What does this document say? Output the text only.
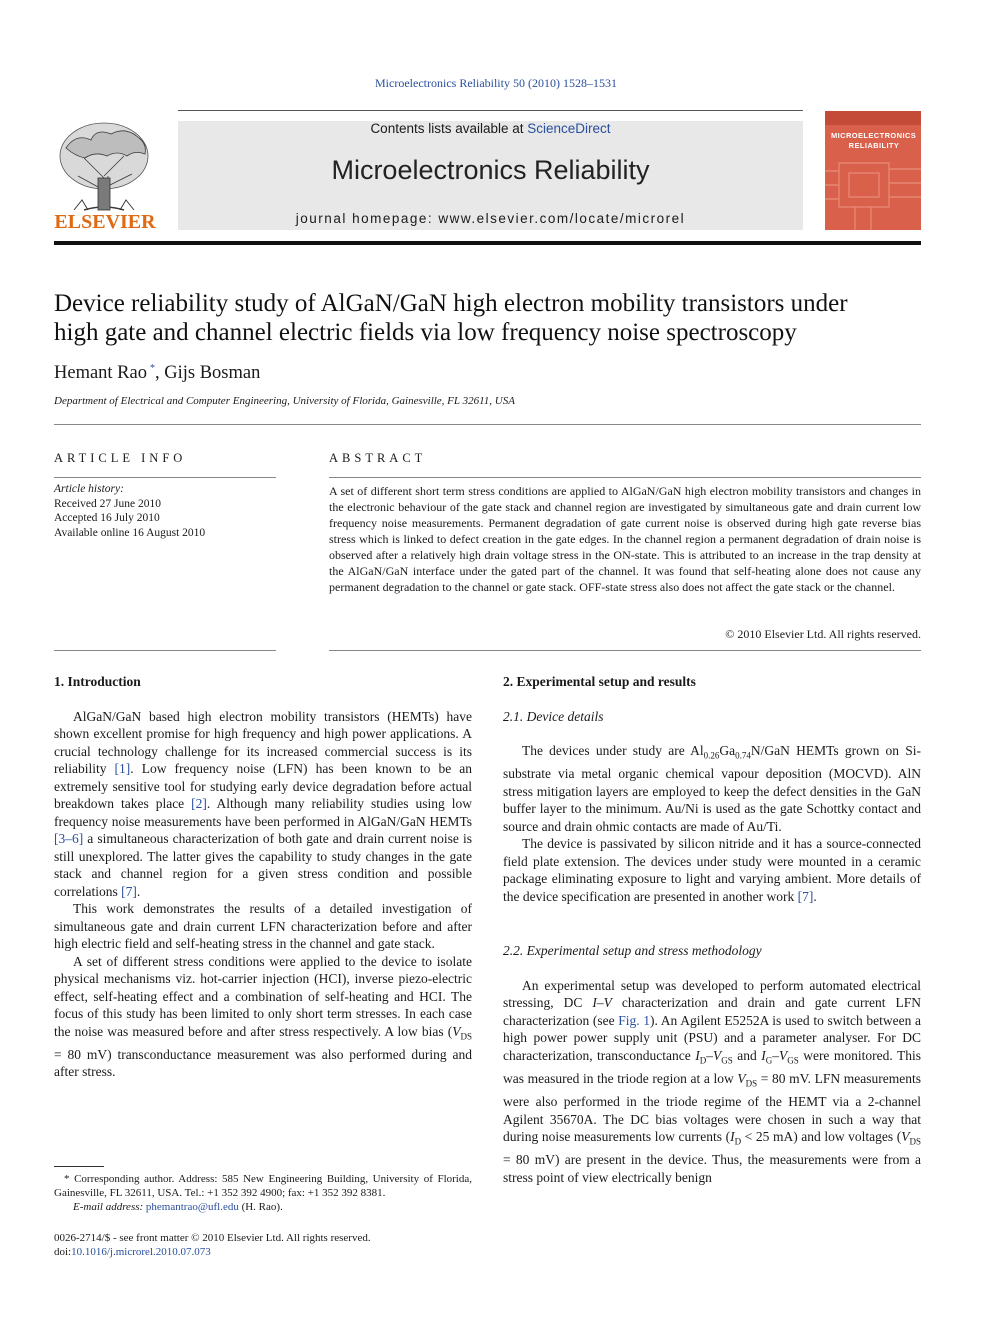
Microelectronics Reliability 50 (2010) 1528–1531
ELSEVIER
Contents lists available at ScienceDirect
Microelectronics Reliability
journal homepage: www.elsevier.com/locate/microrel
MICROELECTRONICS
RELIABILITY
Device reliability study of AlGaN/GaN high electron mobility transistors under
high gate and channel electric fields via low frequency noise spectroscopy
Hemant Rao *, Gijs Bosman
Department of Electrical and Computer Engineering, University of Florida, Gainesville, FL 32611, USA
ARTICLE INFO
Article history:
Received 27 June 2010
Accepted 16 July 2010
Available online 16 August 2010
ABSTRACT
A set of different short term stress conditions are applied to AlGaN/GaN high electron mobility transistors and changes in the electronic behaviour of the gate stack and channel region are investigated by simultaneous gate and drain current low frequency noise measurements. Permanent degradation of gate current noise is observed during high gate reverse bias stress which is linked to defect creation in the gate edges. In the channel region a permanent degradation of drain noise is observed after a relatively high drain voltage stress in the ON-state. This is attributed to an increase in the trap density at the AlGaN/GaN interface under the gated part of the channel. It was found that self-heating alone does not cause any permanent degradation to the channel or gate stack. OFF-state stress also does not affect the gate stack or the channel.
© 2010 Elsevier Ltd. All rights reserved.
1. Introduction

AlGaN/GaN based high electron mobility transistors (HEMTs) have shown excellent promise for high frequency and high power applications. A crucial technology challenge for its increased commercial success is its reliability [1]. Low frequency noise (LFN) has been known to be an extremely sensitive tool for studying early device degradation before actual breakdown takes place [2]. Although many reliability studies using low frequency noise measurements have been performed in AlGaN/GaN HEMTs [3–6] a simultaneous characterization of both gate and drain current noise is still unexplored. The latter gives the capability to study changes in the gate stack and channel region for a given stress condition and possible correlations [7].

This work demonstrates the results of a detailed investigation of simultaneous gate and drain current LFN characterization before and after high electric field and self-heating stress in the channel and gate stack.

A set of different stress conditions were applied to the device to isolate physical mechanisms viz. hot-carrier injection (HCI), inverse piezo-electric effect, self-heating effect and a combination of self-heating and HCI. The focus of this study has been limited to only short term stresses. In each case the noise was measured before and after stress respectively. A low bias ($V_{DS} = 80$ mV) transconductance measurement was also performed during and after stress.

2. Experimental setup and results
2.1. Device details

The devices under study are $Al_{0.26}Ga_{0.74}N$/GaN HEMTs grown on Si-substrate via metal organic chemical vapour deposition (MOCVD). AlN stress mitigation layers are employed to keep the defect densities in the GaN buffer layer to the minimum. Au/Ni is used as the gate Schottky contact and source and drain ohmic contacts are made of Au/Ti.

The device is passivated by silicon nitride and it has a source-connected field plate extension. The devices under study were mounted in a ceramic package eliminating exposure to light and varying ambient. More details of the device specification are presented in another work [7].

2.2. Experimental setup and stress methodology

An experimental setup was developed to perform automated electrical stressing, DC I–V characterization and drain and gate current LFN characterization (see Fig. 1). An Agilent E5252A is used to switch between a high power power supply unit (PSU) and a parameter analyser. For DC characterization, transconductance $I_D-V_{GS}$ and $I_G-V_{GS}$ were monitored. This was measured in the triode region at a low $V_{DS} = 80$ mV. LFN measurements were also performed in the triode regime of the HEMT via a 2-channel Agilent 35670A. The DC bias voltages were chosen in such a way that during noise measurements low currents ($I_D < 25$ mA) and low voltages ($V_{DS} = 80$ mV) are present in the device. Thus, the measurements were from a stress point of view electrically benign

* Corresponding author. Address: 585 New Engineering Building, University of Florida, Gainesville, FL 32611, USA. Tel.: +1 352 392 4900; fax: +1 352 392 8381.
E-mail address: phemantrao@ufl.edu (H. Rao).
0026-2714/$ - see front matter © 2010 Elsevier Ltd. All rights reserved.
doi:10.1016/j.microrel.2010.07.073
